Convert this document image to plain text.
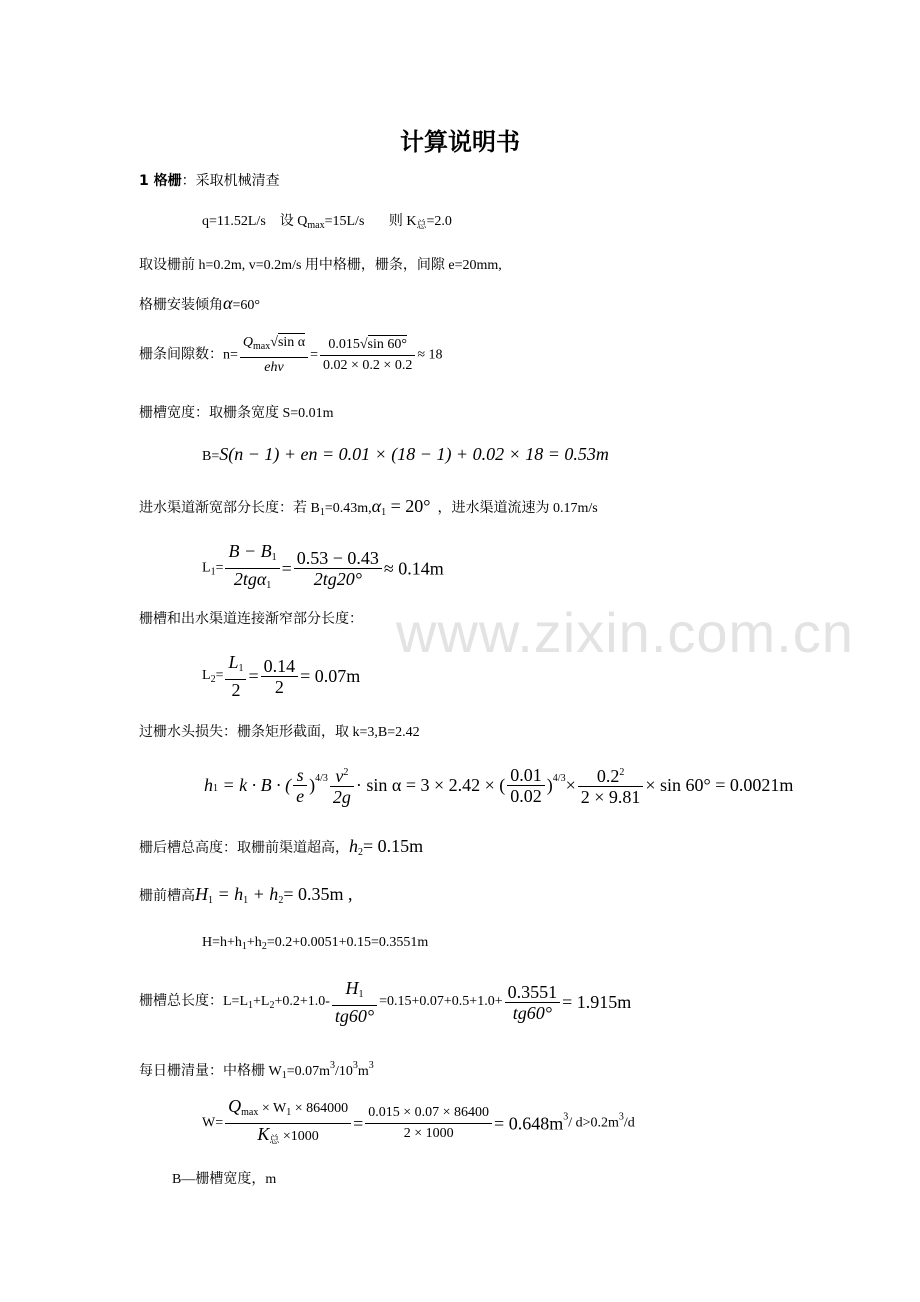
www.zixin.com.cn
计算说明书
1 格栅：采取机械清查
q=11.52L/s 设 $Q_{max}=15L/s$ 则 $K_总=2.0$
取设栅前 h=0.2m, v=0.2m/s 用中格栅，栅条，间隙 e=20mm,
格栅安装倾角α=60°
栅条间隙数：n=
$Q_{max}√\sin$ α
ehv
= $\frac{0.015√\sin 60^\circ}{0.02 \times 0.2 \times 0.2} \approx 18$
栅槽宽度：取栅条宽度 S=0.01m
B=S(n − 1) + en = 0.01 × (18 − 1) + 0.02 × 18 = 0.53m
进水渠道渐宽部分长度：若 $B_1=0.43m,\alpha_1 = 20^\circ$ ，进水渠道流速为 0.17m/s
$L_1=$
$B - B_1$
2tgα$_1$
= $\frac{0.53 - 0.43}{2tg20^\circ} \approx 0.14m$
栅槽和出水渠道连接渐窄部分长度：
$L_2= \frac{L_1}{2} = \frac{0.14}{2} = 0.07m$
过栅水头损失：栅条矩形截面，取 k=3,B=2.42
$h_1 = k \cdot B$ · ( $\frac{s}{e} )^{4/3} \frac{v^2}{2g} \cdot \sin \alpha = 3 \times 2.42$ × ( $\frac{0.01}{0.02} )^{4/3}\times \frac{0.2^2}{2 \times 9.81} \times \sin 60^\circ = 0.0021m$
栅后槽总高度：取栅前渠道超高，$h_2= 0.15m$
栅前槽高$H_1 = h_1 + h_2= 0.35m$ ,
$H=h+h_1+h_2=0.2+0.0051+0.15=0.3551m$
栅槽总长度：$L=L_1+L_2+0.2+1.0- \frac{H_1}{tg60^\circ} =0.15+0.07+0.5+1.0+ \frac{0.3551}{tg60^\circ} = 1.915m$
每日栅清量：中格栅 $W_1=0.07m^3/10^3m^3$
W=
$Q_{max} \times W_1 \times 864000$
$K_总 \times 1000$
= $\frac{0.015 \times 0.07 \times 86400}{2 \times 1000} = 0.648m^3/$ $d>0.2m^3/d$
B—栅槽宽度，m
